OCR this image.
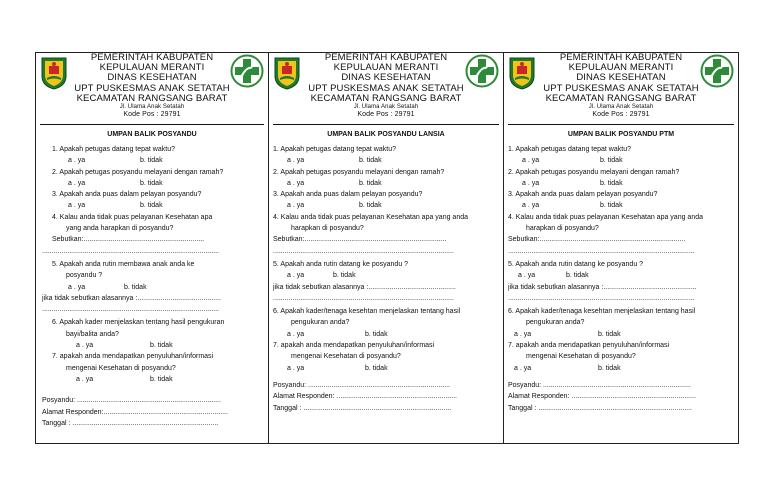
PEMERINTAH KABUPATEN
KEPULAUAN MERANTI
DINAS KESEHATAN
UPT PUSKESMAS ANAK SETATAH
KECAMATAN RANGSANG BARAT
Jl. Ulama Anak Setatah
Kode Pos : 29791
UMPAN BALIK POSYANDU
1. Apakah petugas datang tepat waktu?
a . ya	b. tidak
2. Apakah petugas posyandu melayani dengan ramah?
a . ya	b. tidak
3. Apakah anda puas dalam pelayan posyandu?
a . ya	b. tidak
4. Kalau anda tidak puas pelayanan Kesehatan apa
yang anda harapkan di posyandu?
Sebutkan:..............................................................
...........................................................................................
5. Apakah anda rutin membawa anak anda ke
posyandu ?
a . ya	b. tidak
jika tidak sebutkan alasannya :...........................................
...........................................................................................
6. Apakah kader menjelaskan tentang hasil pengukuran
bayi/balita anda?
a . ya	b. tidak
7. apakah anda mendapatkan penyuluhan/informasi
mengenai Kesehatan di posyandu?
a . ya	b. tidak
Posyandu: ..........................................................................
Alamat Responden:................................................................
Tanggal : ...........................................................................
PEMERINTAH KABUPATEN
KEPULAUAN MERANTI
DINAS KESEHATAN
UPT PUSKESMAS ANAK SETATAH
KECAMATAN RANGSANG BARAT
Jl. Ulama Anak Setatah
Kode Pos : 29791
UMPAN BALIK POSYANDU LANSIA
1. Apakah petugas datang tepat waktu?
a . ya	b. tidak
2. Apakah petugas posyandu melayani dengan ramah?
a . ya	b. tidak
3. Apakah anda puas dalam pelayan posyandu?
a . ya	b. tidak
4. Kalau anda tidak puas pelayanan Kesehatan apa yang anda
harapkan di posyandu?
Sebutkan:.........................................................................
.............................................................................................
5. Apakah anda rutin datang ke posyandu ?
a . ya	b. tidak
jika tidak sebutkan alasannya :.............................................
.............................................................................................
6. Apakah kader/tenaga kesehtan menjelaskan tentang hasil
pengukuran anda?
a . ya	b. tidak
7. apakah anda mendapatkan penyuluhan/informasi
mengenai Kesehatan di posyandu?
a . ya	b. tidak
Posyandu: .........................................................................
Alamat Responden: ..............................................................
Tanggal : ............................................................................
PEMERINTAH KABUPATEN
KEPULAUAN MERANTI
DINAS KESEHATAN
UPT PUSKESMAS ANAK SETATAH
KECAMATAN RANGSANG BARAT
Jl. Ulama Anak Setatah
Kode Pos : 29791
UMPAN BALIK POSYANDU PTM
1. Apakah petugas datang tepat waktu?
a . ya	b. tidak
2. Apakah petugas posyandu melayani dengan ramah?
a . ya	b. tidak
3. Apakah anda puas dalam pelayan posyandu?
a . ya	b. tidak
4. Kalau anda tidak puas pelayanan Kesehatan apa yang anda
harapkan di posyandu?
Sebutkan:...........................................................................
................................................................................................
5. Apakah anda rutin datang ke posyandu ?
a . ya	b. tidak
jika tidak sebutkan alasannya :................................................
................................................................................................
6. Apakah kader/tenaga kesehtan menjelaskan tentang hasil
pengukuran anda?
a . ya	b. tidak
7. apakah anda mendapatkan penyuluhan/informasi
mengenai Kesehatan di posyandu?
a . ya	b. tidak
Posyandu: ............................................................................
Alamat Responden: ................................................................
Tanggal : ...............................................................................
